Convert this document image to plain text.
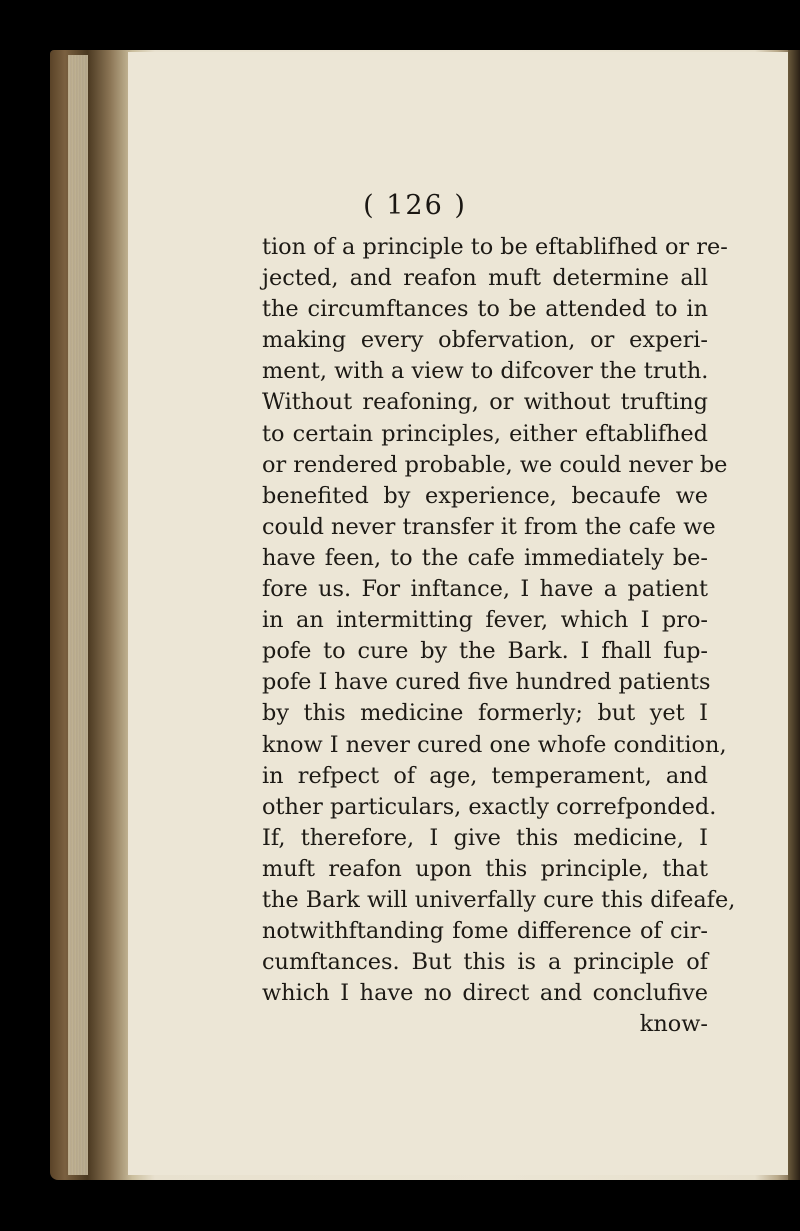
( 126 )
tion of a principle to be eftablifhed or re-
jected, and reafon muft determine all
the circumftances to be attended to in
making every obfervation, or experi-
ment, with a view to difcover the truth.
Without reafoning, or without trufting
to certain principles, either eftablifhed
or rendered probable, we could never be
benefited by experience, becaufe we
could never transfer it from the cafe we
have feen, to the cafe immediately be-
fore us. For inftance, I have a patient
in an intermitting fever, which I pro-
pofe to cure by the Bark. I fhall fup-
pofe I have cured five hundred patients
by this medicine formerly; but yet I
know I never cured one whofe condition,
in refpect of age, temperament, and
other particulars, exactly correfponded.
If, therefore, I give this medicine, I
muft reafon upon this principle, that
the Bark will univerfally cure this difeafe,
notwithftanding fome difference of cir-
cumftances. But this is a principle of
which I have no direct and conclufive
know-
